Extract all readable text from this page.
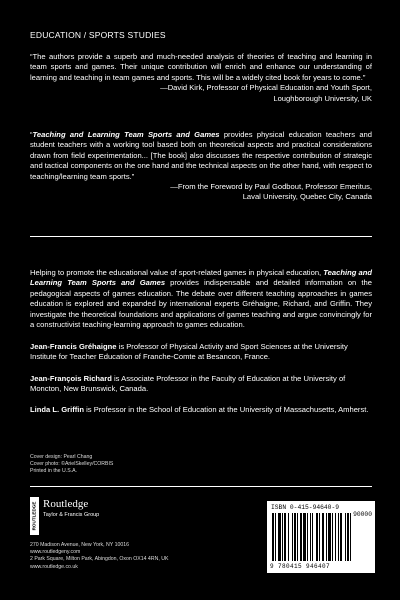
EDUCATION / SPORTS STUDIES

“The authors provide a superb and much-needed analysis of theories of teaching and learning in team sports and games. Their unique contribution will enrich and enhance our understanding of learning and teaching in team games and sports. This will be a widely cited book for years to come.”

—David Kirk, Professor of Physical Education and Youth Sport,

Loughborough University, UK

“Teaching and Learning Team Sports and Games provides physical education teachers and student teachers with a working tool based both on theoretical aspects and practical considerations drawn from field experimentation... [The book] also discusses the respective contribution of strategic and tactical components on the one hand and the technical aspects on the other hand, with respect to teaching/learning team sports.”

—From the Foreword by Paul Godbout, Professor Emeritus,

Laval University, Quebec City, Canada

Helping to promote the educational value of sport-related games in physical education, Teaching and Learning Team Sports and Games provides indispensable and detailed information on the pedagogical aspects of games education. The debate over different teaching approaches in games education is explored and expanded by international experts Gréhaigne, Richard, and Griffin. They investigate the theoretical foundations and applications of games teaching and argue convincingly for a constructivist teaching-learning approach to games education.
Jean-Francis Gréhaigne is Professor of Physical Activity and Sport Sciences at the University Institute for Teacher Education of Franche-Comte at Besancon, France.
Jean-François Richard is Associate Professor in the Faculty of Education at the University of Moncton, New Brunswick, Canada.
Linda L. Griffin is Professor in the School of Education at the University of Massachusetts, Amherst.
Cover design: Pearl Chang
Cover photo: ©ArielSkelley/CORBIS
Printed in the U.S.A.
ROUTLEDGE Routledge
Taylor & Francis Group
270 Madison Avenue, New York, NY 10016
www.routledgeny.com
2 Park Square, Milton Park, Abingdon, Oxon OX14 4RN, UK
www.routledge.co.uk
ISBN 0-415-94640-9
90000
9 780415 946407
